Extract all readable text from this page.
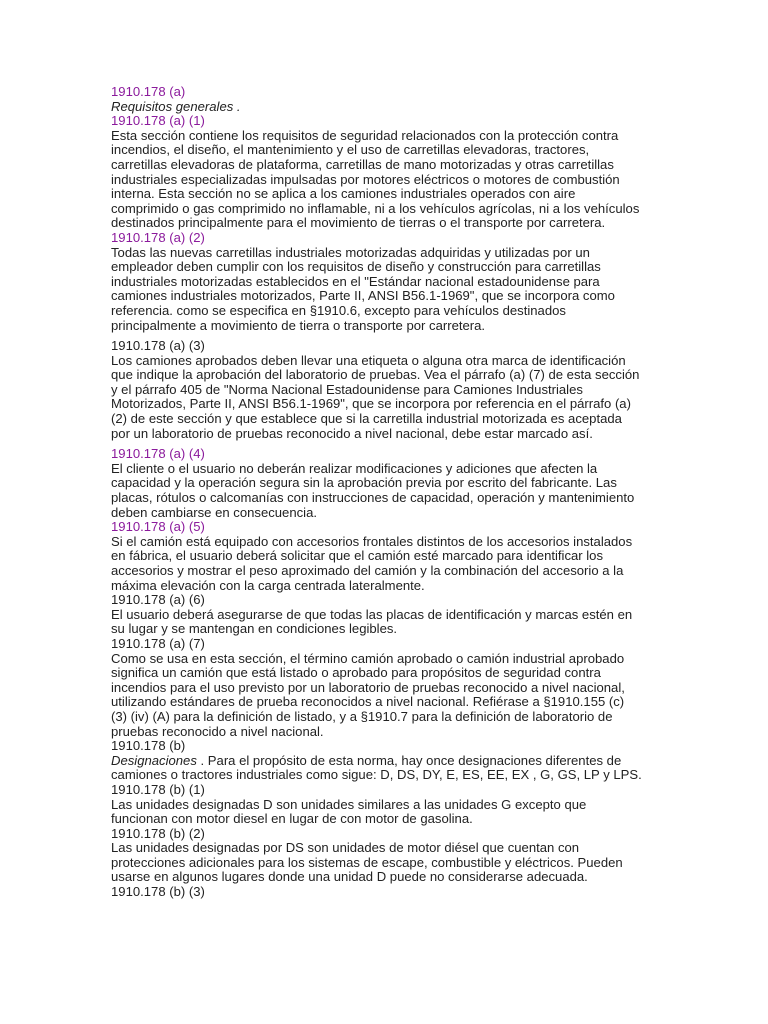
1910.178 (a)
Requisitos generales .
1910.178 (a) (1)
Esta sección contiene los requisitos de seguridad relacionados con la protección contra
incendios, el diseño, el mantenimiento y el uso de carretillas elevadoras, tractores,
carretillas elevadoras de plataforma, carretillas de mano motorizadas y otras carretillas
industriales especializadas impulsadas por motores eléctricos o motores de combustión
interna. Esta sección no se aplica a los camiones industriales operados con aire
comprimido o gas comprimido no inflamable, ni a los vehículos agrícolas, ni a los vehículos
destinados principalmente para el movimiento de tierras o el transporte por carretera.
1910.178 (a) (2)
Todas las nuevas carretillas industriales motorizadas adquiridas y utilizadas por un
empleador deben cumplir con los requisitos de diseño y construcción para carretillas
industriales motorizadas establecidos en el "Estándar nacional estadounidense para
camiones industriales motorizados, Parte II, ANSI B56.1-1969", que se incorpora como
referencia. como se especifica en §1910.6, excepto para vehículos destinados
principalmente a movimiento de tierra o transporte por carretera.
1910.178 (a) (3)
Los camiones aprobados deben llevar una etiqueta o alguna otra marca de identificación
que indique la aprobación del laboratorio de pruebas. Vea el párrafo (a) (7) de esta sección
y el párrafo 405 de "Norma Nacional Estadounidense para Camiones Industriales
Motorizados, Parte II, ANSI B56.1-1969", que se incorpora por referencia en el párrafo (a)
(2) de este sección y que establece que si la carretilla industrial motorizada es aceptada
por un laboratorio de pruebas reconocido a nivel nacional, debe estar marcado así.
1910.178 (a) (4)
El cliente o el usuario no deberán realizar modificaciones y adiciones que afecten la
capacidad y la operación segura sin la aprobación previa por escrito del fabricante. Las
placas, rótulos o calcomanías con instrucciones de capacidad, operación y mantenimiento
deben cambiarse en consecuencia.
1910.178 (a) (5)
Si el camión está equipado con accesorios frontales distintos de los accesorios instalados
en fábrica, el usuario deberá solicitar que el camión esté marcado para identificar los
accesorios y mostrar el peso aproximado del camión y la combinación del accesorio a la
máxima elevación con la carga centrada lateralmente.
1910.178 (a) (6)
El usuario deberá asegurarse de que todas las placas de identificación y marcas estén en
su lugar y se mantengan en condiciones legibles.
1910.178 (a) (7)
Como se usa en esta sección, el término camión aprobado o camión industrial aprobado
significa un camión que está listado o aprobado para propósitos de seguridad contra
incendios para el uso previsto por un laboratorio de pruebas reconocido a nivel nacional,
utilizando estándares de prueba reconocidos a nivel nacional. Refiérase a §1910.155 (c)
(3) (iv) (A) para la definición de listado, y a §1910.7 para la definición de laboratorio de
pruebas reconocido a nivel nacional.
1910.178 (b)
Designaciones . Para el propósito de esta norma, hay once designaciones diferentes de
camiones o tractores industriales como sigue: D, DS, DY, E, ES, EE, EX , G, GS, LP y LPS.
1910.178 (b) (1)
Las unidades designadas D son unidades similares a las unidades G excepto que
funcionan con motor diesel en lugar de con motor de gasolina.
1910.178 (b) (2)
Las unidades designadas por DS son unidades de motor diésel que cuentan con
protecciones adicionales para los sistemas de escape, combustible y eléctricos. Pueden
usarse en algunos lugares donde una unidad D puede no considerarse adecuada.
1910.178 (b) (3)
